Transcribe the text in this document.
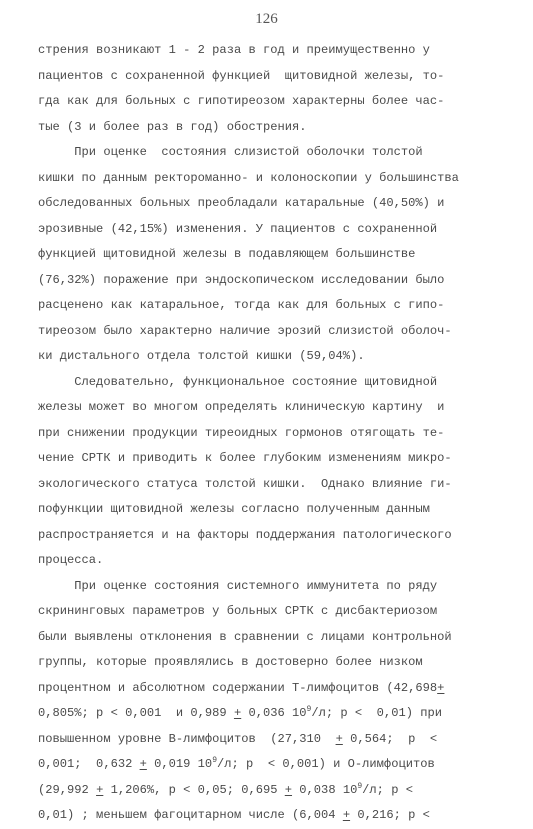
126
стрения возникают 1 - 2 раза в год и преимущественно у
пациентов с сохраненной функцией  щитовидной железы, то-
гда как для больных с гипотиреозом характерны более час-
тые (3 и более раз в год) обострения.
При оценке  состояния слизистой оболочки толстой
кишки по данным ректороманно- и колоноскопии у большинства
обследованных больных преобладали катаральные (40,50%) и
эрозивные (42,15%) изменения. У пациентов с сохраненной
функцией щитовидной железы в подавляющем большинстве
(76,32%) поражение при эндоскопическом исследовании было
расценено как катаральное, тогда как для больных с гипо-
тиреозом было характерно наличие эрозий слизистой оболоч-
ки дистального отдела толстой кишки (59,04%).
Следовательно, функциональное состояние щитовидной
железы может во многом определять клиническую картину  и
при снижении продукции тиреоидных гормонов отягощать те-
чение СРТК и приводить к более глубоким изменениям микро-
экологического статуса толстой кишки.  Однако влияние ги-
пофункции щитовидной железы согласно полученным данным
распространяется и на факторы поддержания патологического
процесса.
При оценке состояния системного иммунитета по ряду
скрининговых параметров у больных СРТК с дисбактериозом
были выявлены отклонения в сравнении с лицами контрольной
группы, которые проявлялись в достоверно более низком
процентном и абсолютном содержании Т-лимфоцитов (42,698+
0,805%; p < 0,001  и 0,989 + 0,036 $10^9/л$; p <  0,01) при
повышенном уровне В-лимфоцитов  (27,310  + 0,564;  p  <
0,001;  0,632 + 0,019 $10^9/л$; p  < 0,001) и О-лимфоцитов
(29,992 + 1,206%, p < 0,05; 0,695 + 0,038 $10^9/л$; p <
0,01) ; меньшем фагоцитарном числе (6,004 + 0,216; p <
